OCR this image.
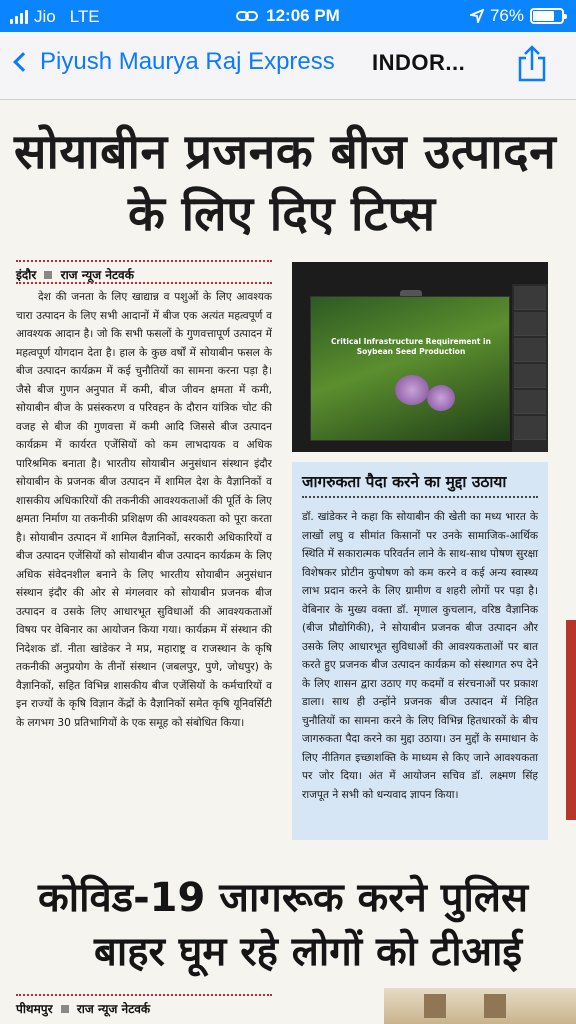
Jio LTE	12:06 PM	76%
Piyush Maurya Raj Express INDOR...
सोयाबीन प्रजनक बीज उत्पादन
के लिए दिए टिप्स
इंदौर राज न्यूज नेटवर्क
देश की जनता के लिए खाद्यान्न व पशुओं के लिए आवश्यक चारा उत्पादन के लिए सभी आदानों में बीज एक अत्यंत महत्वपूर्ण व आवश्यक आदान है। जो कि सभी फसलों के गुणवत्तापूर्ण उत्पादन में महत्वपूर्ण योगदान देता है। हाल के कुछ वर्षों में सोयाबीन फसल के बीज उत्पादन कार्यक्रम में कई चुनौतियों का सामना करना पड़ा है। जैसे बीज गुणन अनुपात में कमी, बीज जीवन क्षमता में कमी, सोयाबीन बीज के प्रसंस्करण व परिवहन के दौरान यांत्रिक चोट की वजह से बीज की गुणवत्ता में कमी आदि जिससे बीज उत्पादन कार्यक्रम में कार्यरत एजेंसियों को कम लाभदायक व अधिक पारिश्रमिक बनाता है। भारतीय सोयाबीन अनुसंधान संस्थान इंदौर सोयाबीन के प्रजनक बीज उत्पादन में शामिल देश के वैज्ञानिकों व शासकीय अधिकारियों की तकनीकी आवश्यकताओं की पूर्ति के लिए क्षमता निर्माण या तकनीकी प्रशिक्षण की आवश्यकता को पूरा करता है। सोयाबीन उत्पादन में शामिल वैज्ञानिकों, सरकारी अधिकारियों व बीज उत्पादन एजेंसियों को सोयाबीन बीज उत्पादन कार्यक्रम के लिए अधिक संवेदनशील बनाने के लिए भारतीय सोयाबीन अनुसंधान संस्थान इंदौर की ओर से मंगलवार को सोयाबीन प्रजनक बीज उत्पादन व उसके लिए आधारभूत सुविधाओं की आवश्यकताओं विषय पर वेबिनार का आयोजन किया गया। कार्यक्रम में संस्थान की निदेशक डॉ. नीता खांडेकर ने मप्र, महाराष्ट्र व राजस्थान के कृषि तकनीकी अनुप्रयोग के तीनों संस्थान (जबलपुर, पुणे, जोधपुर) के वैज्ञानिकों, सहित विभिन्न शासकीय बीज एजेंसियों के कर्मचारियों व इन राज्यों के कृषि विज्ञान केंद्रों के वैज्ञानिकों समेत कृषि यूनिवर्सिटी के लगभग 30 प्रतिभागियों के एक समूह को संबोधित किया।
Critical Infrastructure Requirement in Soybean Seed Production
जागरुकता पैदा करने का मुद्दा उठाया
डॉ. खांडेकर ने कहा कि सोयाबीन की खेती का मध्य भारत के लाखों लघु व सीमांत किसानों पर उनके सामाजिक-आर्थिक स्थिति में सकारात्मक परिवर्तन लाने के साथ-साथ पोषण सुरक्षा विशेषकर प्रोटीन कुपोषण को कम करने व कई अन्य स्वास्थ्य लाभ प्रदान करने के लिए ग्रामीण व शहरी लोगों पर पड़ा है। वेबिनार के मुख्य वक्ता डॉ. मृणाल कुचलान, वरिष्ठ वैज्ञानिक (बीज प्रौद्योगिकी), ने सोयाबीन प्रजनक बीज उत्पादन और उसके लिए आधारभूत सुविधाओं की आवश्यकताओं पर बात करते हुए प्रजनक बीज उत्पादन कार्यक्रम को संस्थागत रुप देने के लिए शासन द्वारा उठाए गए कदमों व संरचनाओं पर प्रकाश डाला। साथ ही उन्होंने प्रजनक बीज उत्पादन में निहित चुनौतियों का सामना करने के लिए विभिन्न हितधारकों के बीच जागरुकता पैदा करने का मुद्दा उठाया। उन मुद्दों के समाधान के लिए नीतिगत इच्छाशक्ति के माध्यम से किए जाने आवश्यकता पर जोर दिया। अंत में आयोजन सचिव डॉ. लक्ष्मण सिंह राजपूत ने सभी को धन्यवाद ज्ञापन किया।
कोविड-19 जागरूक करने पुलिस
बाहर घूम रहे लोगों को टीआई
पीथमपुर राज न्यूज नेटवर्क
